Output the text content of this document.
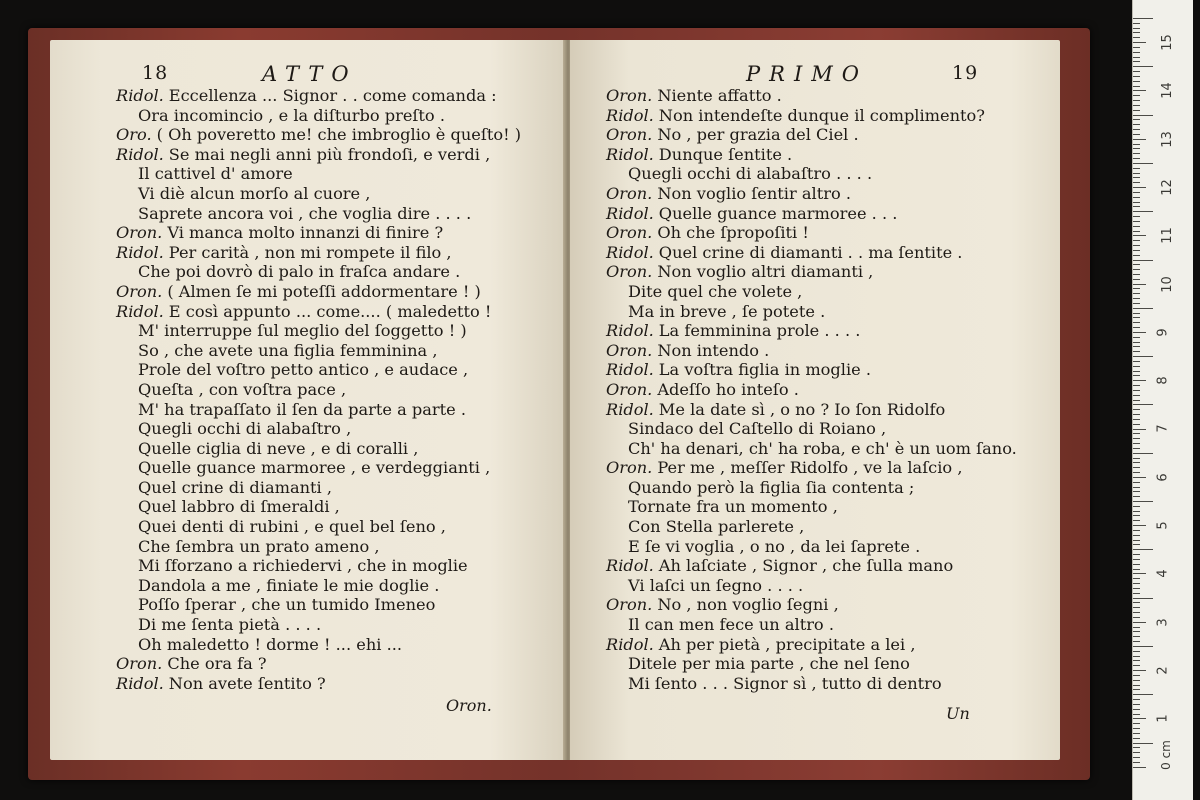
18	ATTO
Ridol. Eccellenza ... Signor . . come comanda :
Ora incomincio , e la diſturbo preſto .
Oro. ( Oh poveretto me! che imbroglio è queſto! )
Ridol. Se mai negli anni più frondoſi, e verdi ,
Il cattivel d' amore
Vi diè alcun morſo al cuore ,
Saprete ancora voi , che voglia dire . . . .
Oron. Vi manca molto innanzi di finire ?
Ridol. Per carità , non mi rompete il filo ,
Che poi dovrò di palo in fraſca andare .
Oron. ( Almen ſe mi poteſſi addormentare ! )
Ridol. E così appunto ... come.... ( maledetto !
M' interruppe ſul meglio del ſoggetto ! )
So , che avete una figlia femminina ,
Prole del voſtro petto antico , e audace ,
Queſta , con voſtra pace ,
M' ha trapaſſato il ſen da parte a parte .
Quegli occhi di alabaſtro ,
Quelle ciglia di neve , e di coralli ,
Quelle guance marmoree , e verdeggianti ,
Quel crine di diamanti ,
Quel labbro di ſmeraldi ,
Quei denti di rubini , e quel bel ſeno ,
Che ſembra un prato ameno ,
Mi ſforzano a richiedervi , che in moglie
Dandola a me , finiate le mie doglie .
Poſſo ſperar , che un tumido Imeneo
Di me ſenta pietà . . . .
Oh maledetto ! dorme ! ... ehi ...
Oron. Che ora fa ?
Ridol. Non avete ſentito ?
Oron.
PRIMO	19
Oron. Niente affatto .
Ridol. Non intendeſte dunque il complimento?
Oron. No , per grazia del Ciel .
Ridol. Dunque ſentite .
Quegli occhi di alabaſtro . . . .
Oron. Non voglio ſentir altro .
Ridol. Quelle guance marmoree . . .
Oron. Oh che ſpropoſiti !
Ridol. Quel crine di diamanti . . ma ſentite .
Oron. Non voglio altri diamanti ,
Dite quel che volete ,
Ma in breve , ſe potete .
Ridol. La femminina prole . . . .
Oron. Non intendo .
Ridol. La voſtra figlia in moglie .
Oron. Adeſſo ho inteſo .
Ridol. Me la date sì , o no ? Io ſon Ridolfo
Sindaco del Caſtello di Roiano ,
Ch' ha denari, ch' ha roba, e ch' è un uom ſano.
Oron. Per me , meſſer Ridolfo , ve la laſcio ,
Quando però la figlia ſia contenta ;
Tornate fra un momento ,
Con Stella parlerete ,
E ſe vi voglia , o no , da lei ſaprete .
Ridol. Ah laſciate , Signor , che ſulla mano
Vi laſci un ſegno . . . .
Oron. No , non voglio ſegni ,
Il can men fece un altro .
Ridol. Ah per pietà , precipitate a lei ,
Ditele per mia parte , che nel ſeno
Mi ſento . . . Signor sì , tutto di dentro
Un
0 cm
15
14
13
12
11
10
9
8
7
6
5
4
3
2
1
